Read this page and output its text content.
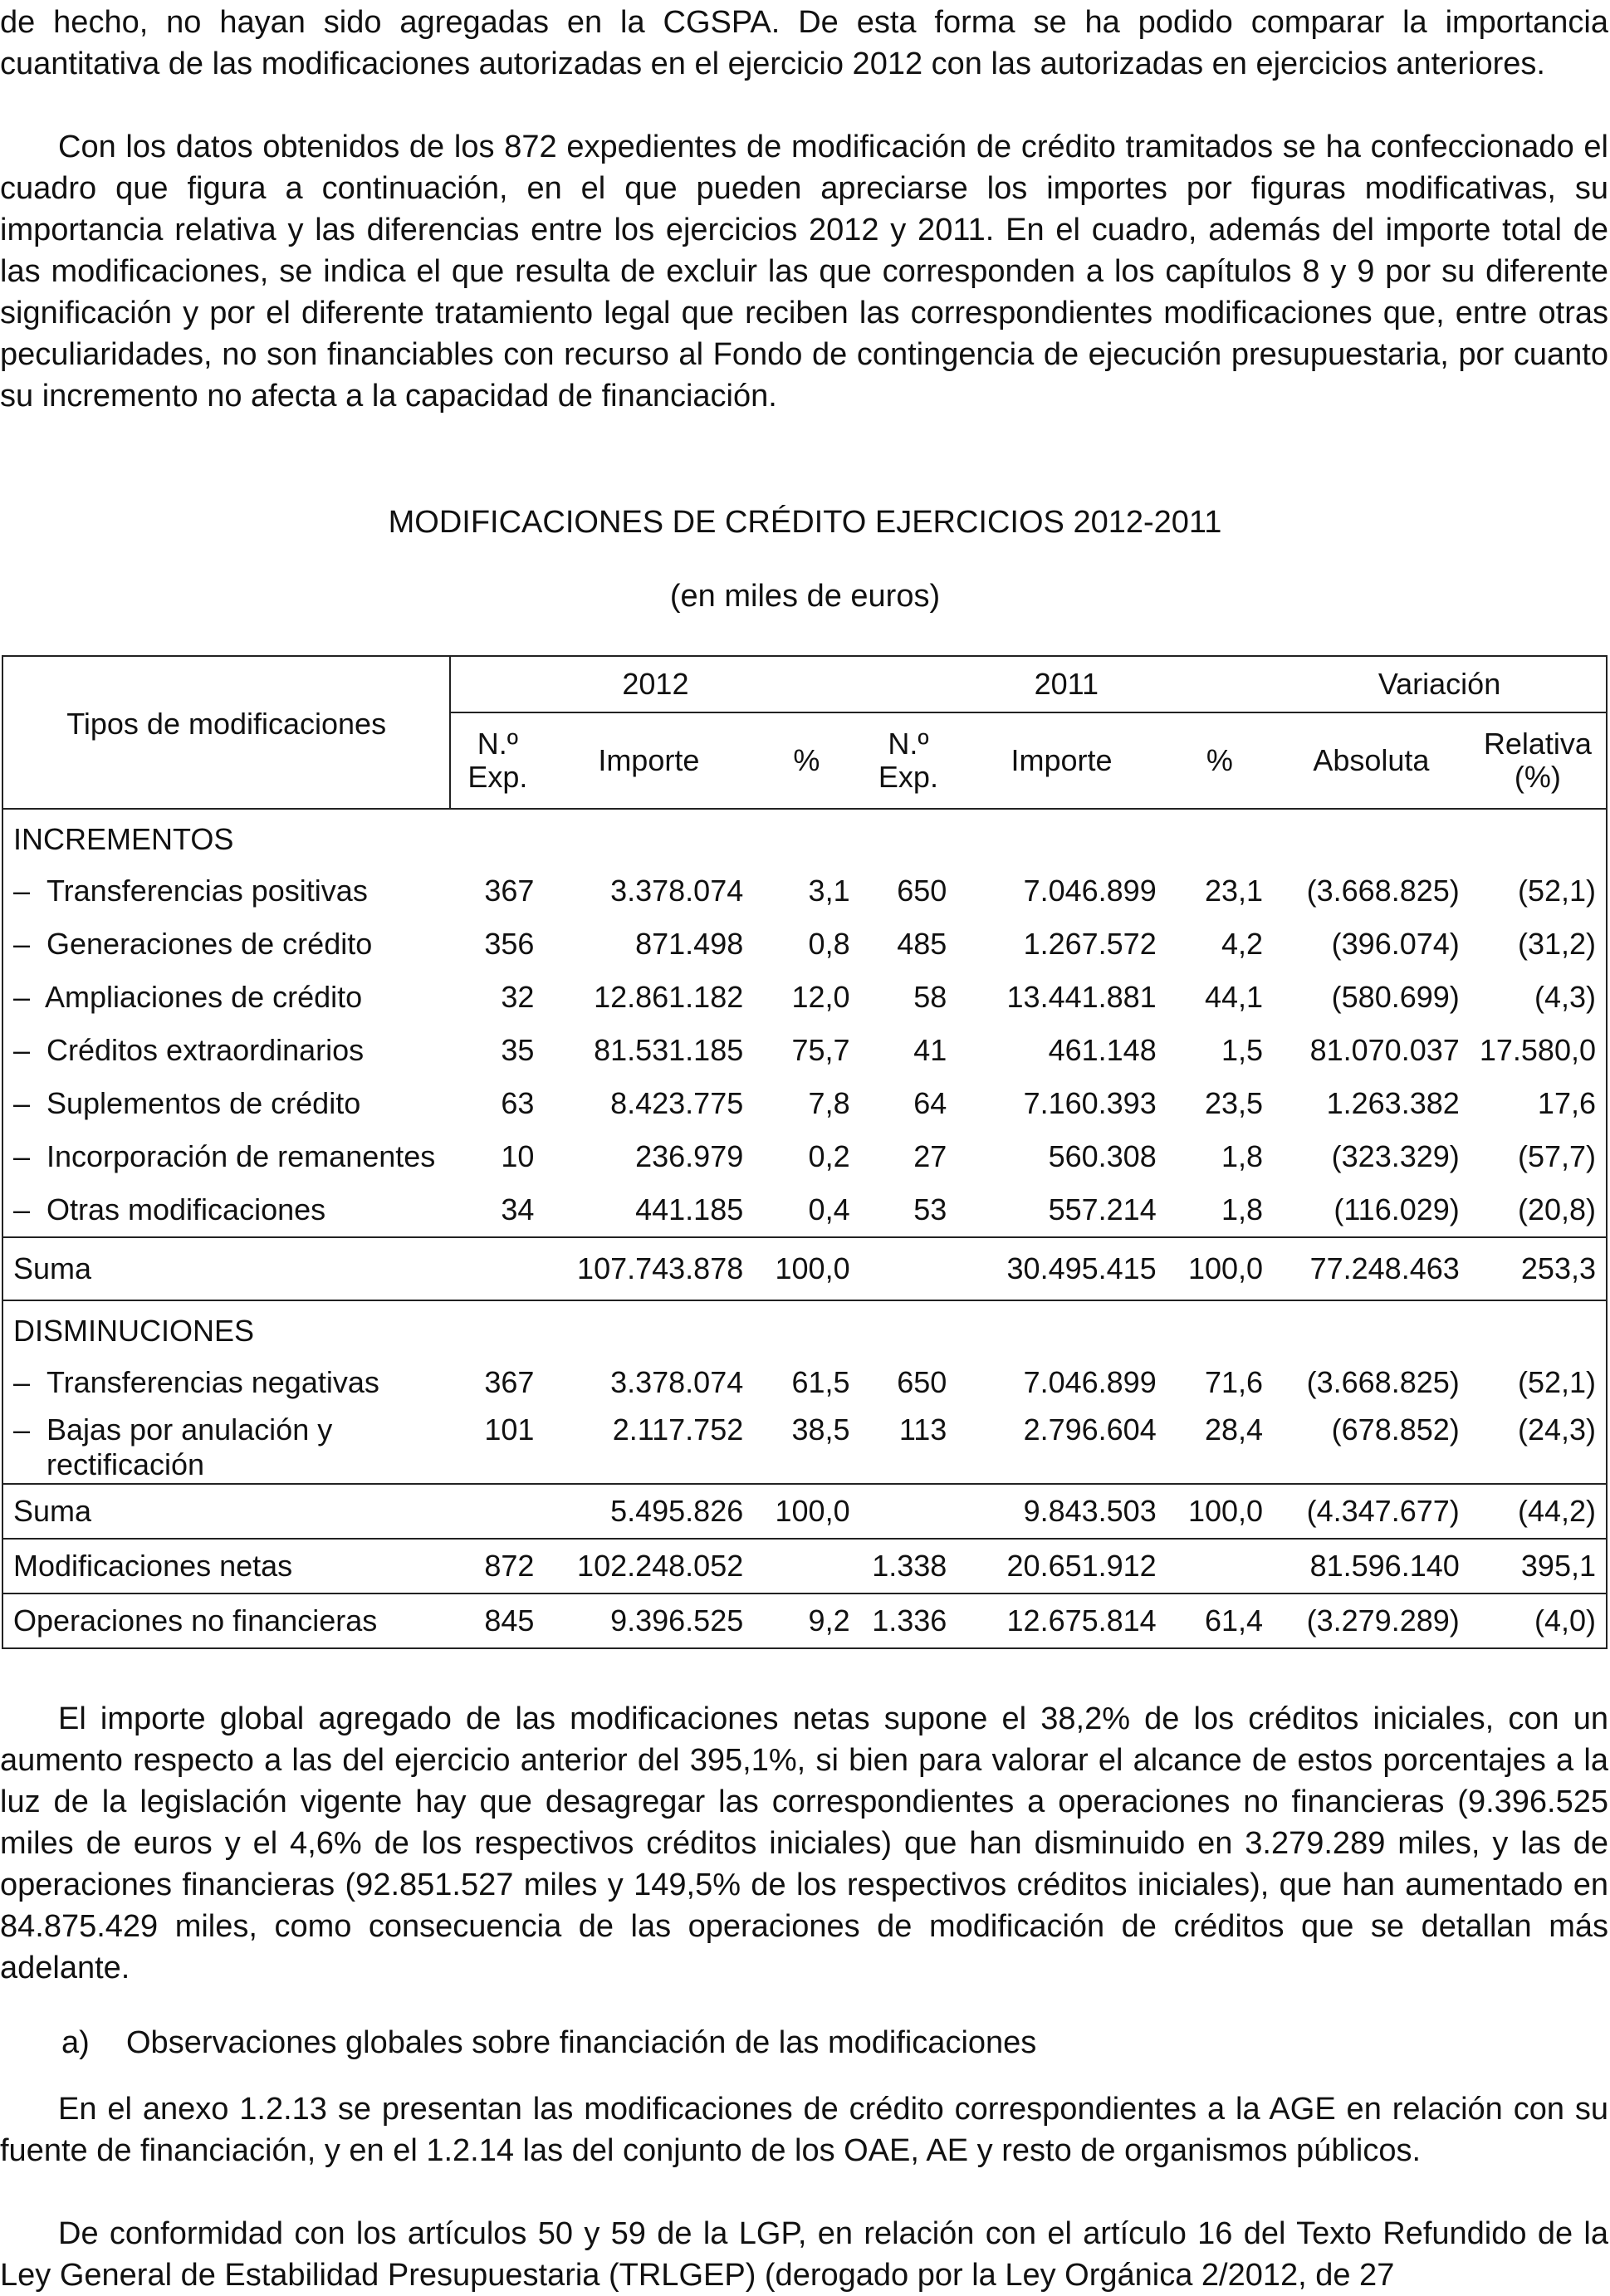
de hecho, no hayan sido agregadas en la CGSPA. De esta forma se ha podido comparar la importancia cuantitativa de las modificaciones autorizadas en el ejercicio 2012 con las autorizadas en ejercicios anteriores.

Con los datos obtenidos de los 872 expedientes de modificación de crédito tramitados se ha confeccionado el cuadro que figura a continuación, en el que pueden apreciarse los importes por figuras modificativas, su importancia relativa y las diferencias entre los ejercicios 2012 y 2011. En el cuadro, además del importe total de las modificaciones, se indica el que resulta de excluir las que corresponden a los capítulos 8 y 9 por su diferente significación y por el diferente tratamiento legal que reciben las correspondientes modificaciones que, entre otras peculiaridades, no son financiables con recurso al Fondo de contingencia de ejecución presupuestaria, por cuanto su incremento no afecta a la capacidad de financiación.

MODIFICACIONES DE CRÉDITO EJERCICIOS 2012-2011

(en miles de euros)

Tipos de modificaciones	2012			2011			Variación	
	N.º Exp.	Importe	%	N.º Exp.	Importe	%	Absoluta	Relativa (%)
INCREMENTOS								
– Transferencias positivas	367	3.378.074	3,1	650	7.046.899	23,1	(3.668.825)	(52,1)
– Generaciones de crédito	356	871.498	0,8	485	1.267.572	4,2	(396.074)	(31,2)
– Ampliaciones de crédito	32	12.861.182	12,0	58	13.441.881	44,1	(580.699)	(4,3)
– Créditos extraordinarios	35	81.531.185	75,7	41	461.148	1,5	81.070.037	17.580,0
– Suplementos de crédito	63	8.423.775	7,8	64	7.160.393	23,5	1.263.382	17,6
– Incorporación de remanentes	10	236.979	0,2	27	560.308	1,8	(323.329)	(57,7)
– Otras modificaciones	34	441.185	0,4	53	557.214	1,8	(116.029)	(20,8)
Suma		107.743.878	100,0		30.495.415	100,0	77.248.463	253,3
DISMINUCIONES								
– Transferencias negativas	367	3.378.074	61,5	650	7.046.899	71,6	(3.668.825)	(52,1)

– Bajas por anulación y rectificación	101	2.117.752	38,5	113	2.796.604	28,4	(678.852)	(24,3)
Suma		5.495.826	100,0		9.843.503	100,0	(4.347.677)	(44,2)
Modificaciones netas	872	102.248.052		1.338	20.651.912		81.596.140	395,1
Operaciones no financieras	845	9.396.525	9,2	1.336	12.675.814	61,4	(3.279.289)	(4,0)

El importe global agregado de las modificaciones netas supone el 38,2% de los créditos iniciales, con un aumento respecto a las del ejercicio anterior del 395,1%, si bien para valorar el alcance de estos porcentajes a la luz de la legislación vigente hay que desagregar las correspondientes a operaciones no financieras (9.396.525 miles de euros y el 4,6% de los respectivos créditos iniciales) que han disminuido en 3.279.289 miles, y las de operaciones financieras (92.851.527 miles y 149,5% de los respectivos créditos iniciales), que han aumentado en 84.875.429 miles, como consecuencia de las operaciones de modificación de créditos que se detallan más adelante.

a) Observaciones globales sobre financiación de las modificaciones

En el anexo 1.2.13 se presentan las modificaciones de crédito correspondientes a la AGE en relación con su fuente de financiación, y en el 1.2.14 las del conjunto de los OAE, AE y resto de organismos públicos.

De conformidad con los artículos 50 y 59 de la LGP, en relación con el artículo 16 del Texto Refundido de la Ley General de Estabilidad Presupuestaria (TRLGEP) (derogado por la Ley Orgánica 2/2012, de 27
